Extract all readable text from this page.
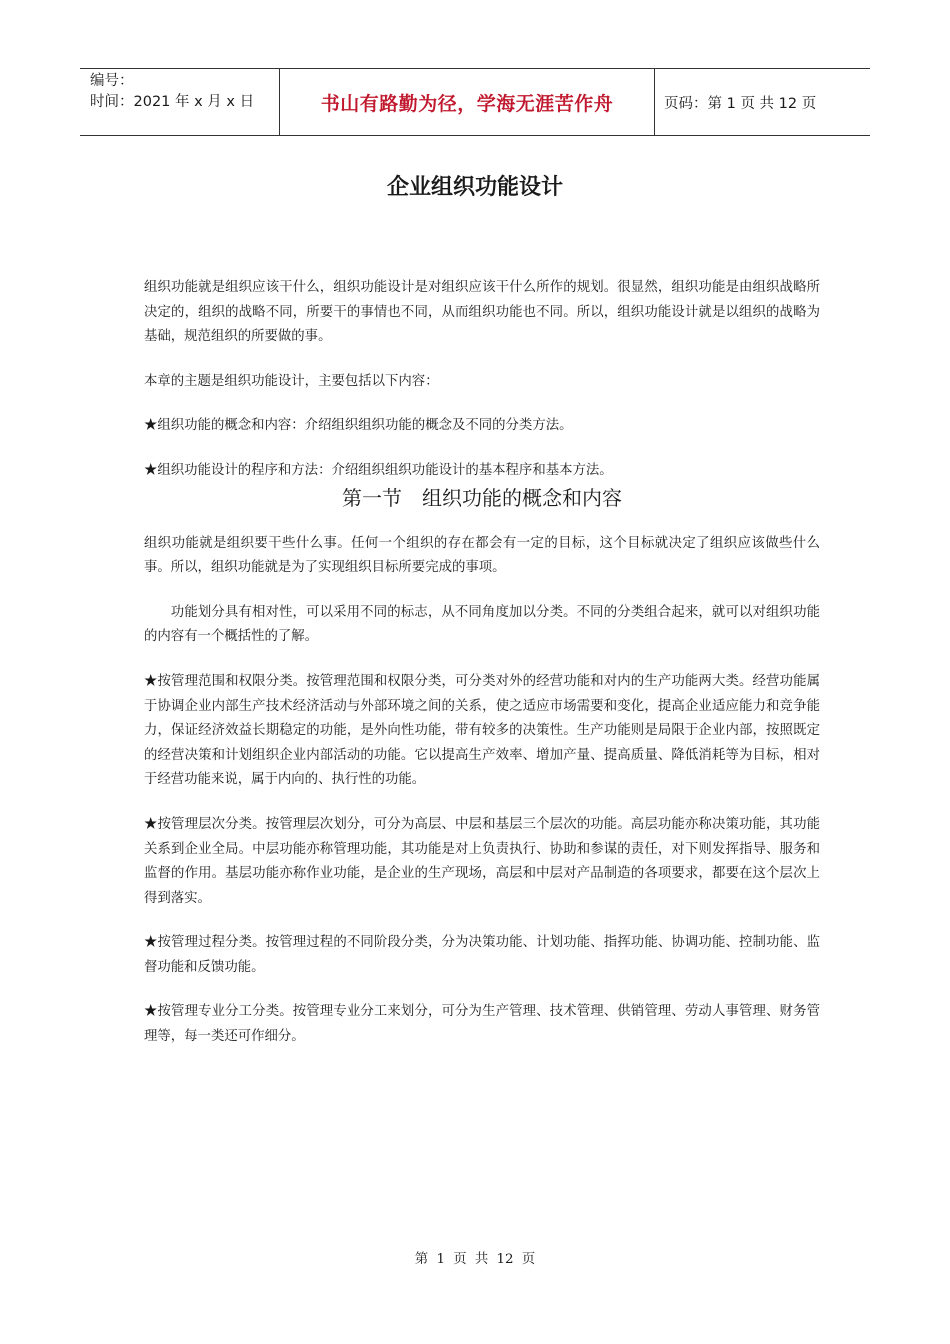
编号：
时间：2021 年 x 月 x 日	书山有路勤为径，学海无涯苦作舟	页码：第 1 页 共 12 页
企业组织功能设计

组织功能就是组织应该干什么，组织功能设计是对组织应该干什么所作的规划。很显然，组织功能是由组织战略所决定的，组织的战略不同，所要干的事情也不同，从而组织功能也不同。所以，组织功能设计就是以组织的战略为基础，规范组织的所要做的事。

本章的主题是组织功能设计，主要包括以下内容：

★组织功能的概念和内容：介绍组织组织功能的概念及不同的分类方法。

★组织功能设计的程序和方法：介绍组织组织功能设计的基本程序和基本方法。

第一节　组织功能的概念和内容

组织功能就是组织要干些什么事。任何一个组织的存在都会有一定的目标，这个目标就决定了组织应该做些什么事。所以，组织功能就是为了实现组织目标所要完成的事项。

功能划分具有相对性，可以采用不同的标志，从不同角度加以分类。不同的分类组合起来，就可以对组织功能的内容有一个概括性的了解。

★按管理范围和权限分类。按管理范围和权限分类，可分类对外的经营功能和对内的生产功能两大类。经营功能属于协调企业内部生产技术经济活动与外部环境之间的关系，使之适应市场需要和变化，提高企业适应能力和竞争能力，保证经济效益长期稳定的功能，是外向性功能，带有较多的决策性。生产功能则是局限于企业内部，按照既定的经营决策和计划组织企业内部活动的功能。它以提高生产效率、增加产量、提高质量、降低消耗等为目标，相对于经营功能来说，属于内向的、执行性的功能。

★按管理层次分类。按管理层次划分，可分为高层、中层和基层三个层次的功能。高层功能亦称决策功能，其功能关系到企业全局。中层功能亦称管理功能，其功能是对上负责执行、协助和参谋的责任，对下则发挥指导、服务和监督的作用。基层功能亦称作业功能，是企业的生产现场，高层和中层对产品制造的各项要求，都要在这个层次上得到落实。

★按管理过程分类。按管理过程的不同阶段分类，分为决策功能、计划功能、指挥功能、协调功能、控制功能、监督功能和反馈功能。

★按管理专业分工分类。按管理专业分工来划分，可分为生产管理、技术管理、供销管理、劳动人事管理、财务管理等，每一类还可作细分。

第 1 页 共 12 页
